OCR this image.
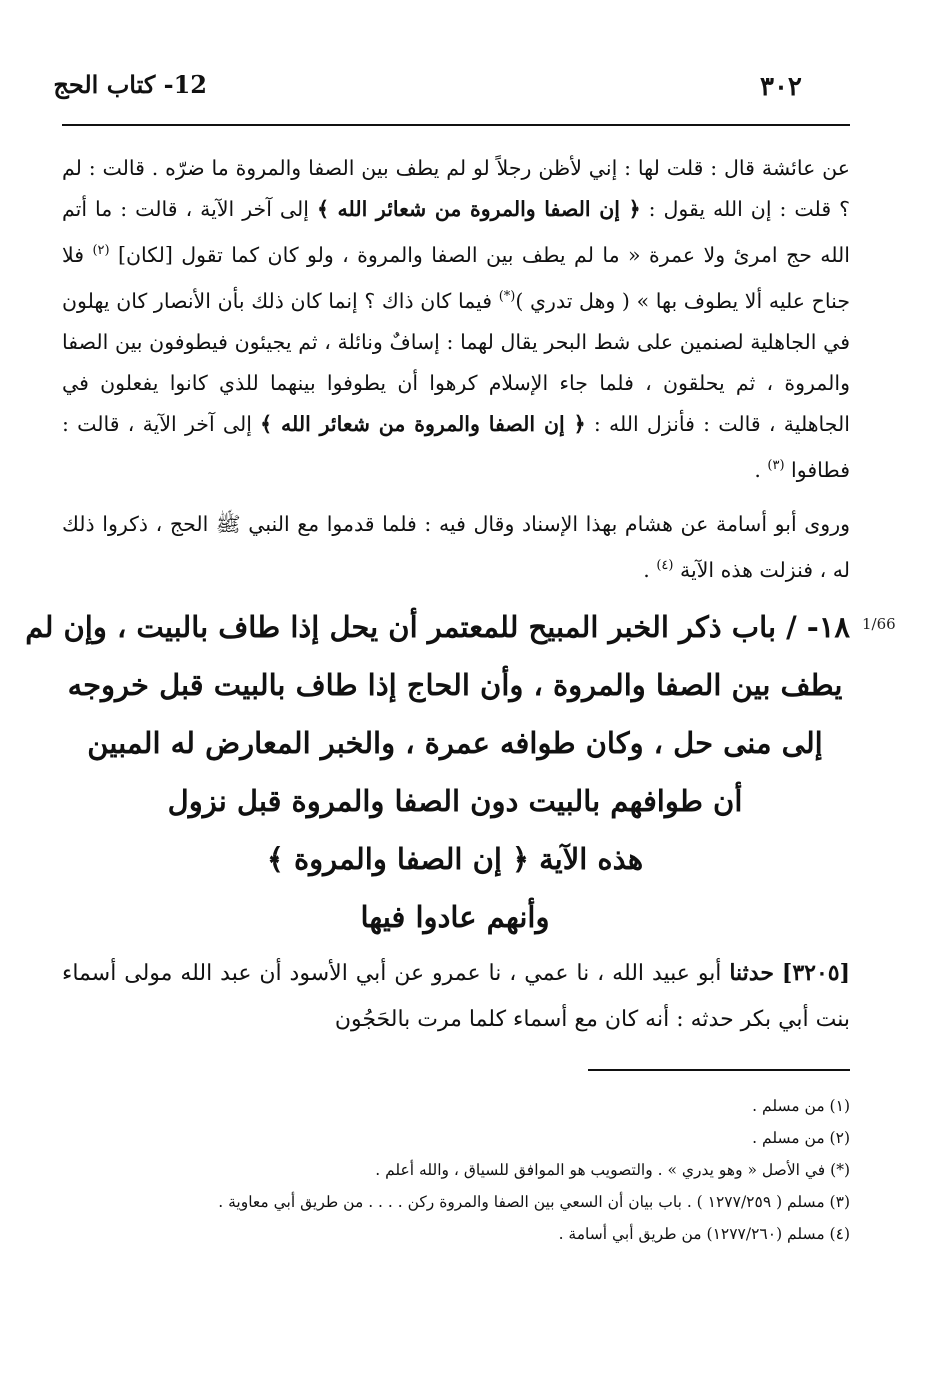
12- كتاب الحج	٣٠٢
عن عائشة قال : قلت لها : إني لأظن رجلاً لو لم يطف بين الصفا والمروة ما ضرّه . قالت : لم ؟ قلت : إن الله يقول : ﴿ إن الصفا والمروة من شعائر الله ﴾ إلى آخر الآية ، قالت : ما أتم الله حج امرئ ولا عمرة « ما لم يطف بين الصفا والمروة ، ولو كان كما تقول [لكان] $^{(٢)}$ فلا جناح عليه ألا يطوف بها » ( وهل تدري )(*) فيما كان ذاك ؟ إنما كان ذلك بأن الأنصار كان يهلون في الجاهلية لصنمين على شط البحر يقال لهما : إسافٌ ونائلة ، ثم يجيئون فيطوفون بين الصفا والمروة ، ثم يحلقون ، فلما جاء الإسلام كرهوا أن يطوفوا بينهما للذي كانوا يفعلون في الجاهلية ، قالت : فأنزل الله : ﴿ إن الصفا والمروة من شعائر الله ﴾ إلى آخر الآية ، قالت : فطافوا $^{(٣)}$ .
وروى أبو أسامة عن هشام بهذا الإسناد وقال فيه : فلما قدموا مع النبي ﷺ الحج ، ذكروا ذلك له ، فنزلت هذه الآية $^{(٤)}$ .
1/66
١٨- / باب ذكر الخبر المبيح للمعتمر أن يحل إذا طاف بالبيت ، وإن لم
يطف بين الصفا والمروة ، وأن الحاج إذا طاف بالبيت قبل خروجه
إلى منى حل ، وكان طوافه عمرة ، والخبر المعارض له المبين
أن طوافهم بالبيت دون الصفا والمروة قبل نزول
هذه الآية ﴿ إن الصفا والمروة ﴾
وأنهم عادوا فيها
[٣٢٠٥] حدثنا أبو عبيد الله ، نا عمي ، نا عمرو عن أبي الأسود أن عبد الله مولى أسماء بنت أبي بكر حدثه : أنه كان مع أسماء كلما مرت بالحَجُون
(١) من مسلم .
(٢) من مسلم .
(*) في الأصل « وهو يدري » . والتصويب هو الموافق للسياق ، والله أعلم .
(٣) مسلم ( ١٢٧٧/٢٥٩ ) . باب بيان أن السعي بين الصفا والمروة ركن . . . . من طريق أبي معاوية .
(٤) مسلم (١٢٧٧/٢٦٠) من طريق أبي أسامة .
